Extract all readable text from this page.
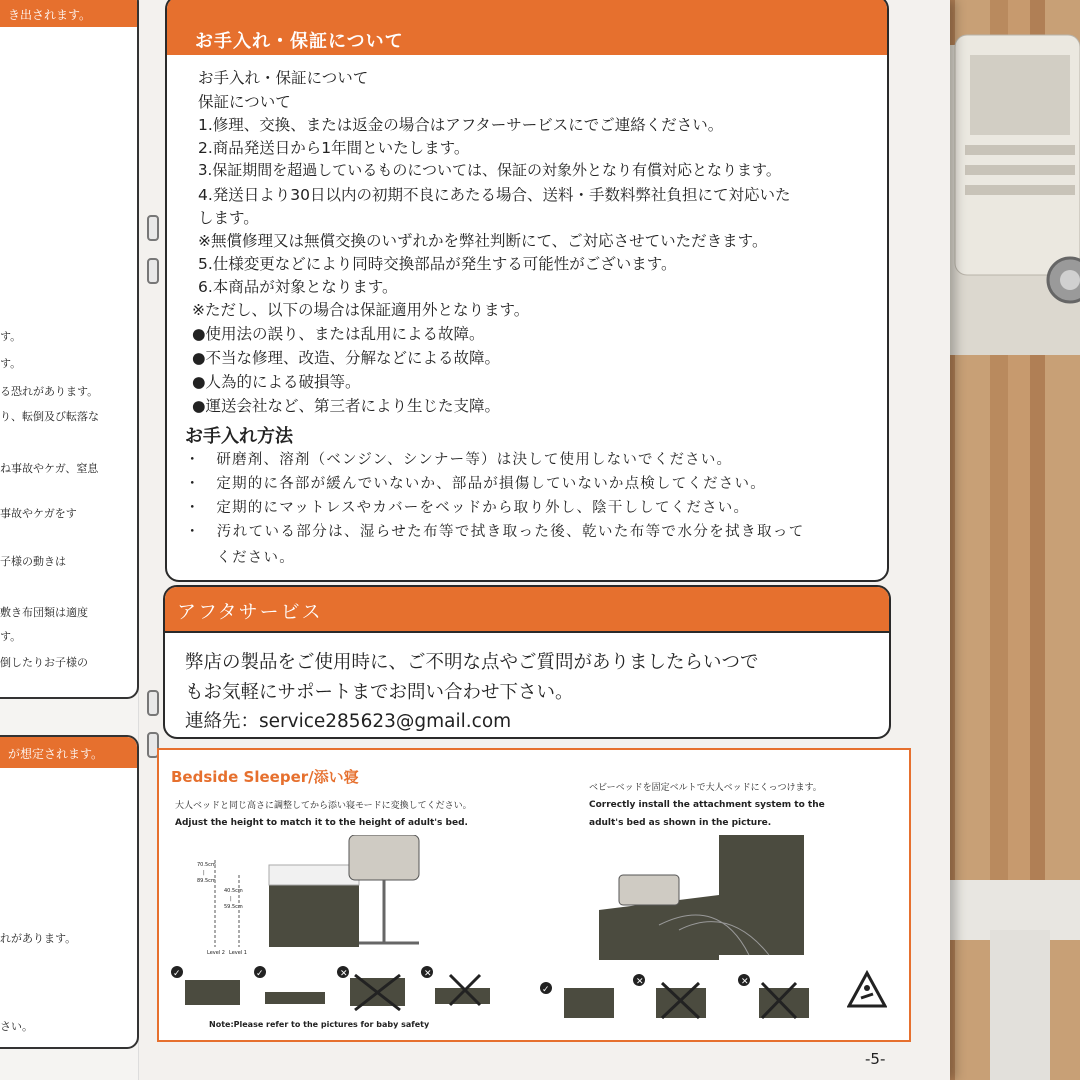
き出されます。
す。
す。
る恐れがあります。
り、転倒及び転落な
ね事故やケガ、窒息
事故やケガをす
子様の動きは
敷き布団類は適度
す。
倒したりお子様の
が想定されます。
れがあります。
さい。
お手入れ・保証について
お手入れ・保証について
保証について
1.修理、交換、または返金の場合はアフターサービスにでご連絡ください。
2.商品発送日から1年間といたします。
3.保証期間を超過しているものについては、保証の対象外となり有償対応となります。
4.発送日より30日以内の初期不良にあたる場合、送料・手数料弊社負担にて対応いた
します。
※無償修理又は無償交換のいずれかを弊社判断にて、ご対応させていただきます。
5.仕様変更などにより同時交換部品が発生する可能性がございます。
6.本商品が対象となります。
※ただし、以下の場合は保証適用外となります。
●使用法の誤り、または乱用による故障。
●不当な修理、改造、分解などによる故障。
●人為的による破損等。
●運送会社など、第三者により生じた支障。
お手入れ方法
・　研磨剤、溶剤（ベンジン、シンナー等）は決して使用しないでください。
・　定期的に各部が緩んでいないか、部品が損傷していないか点検してください。
・　定期的にマットレスやカバーをベッドから取り外し、陰干ししてください。
・　汚れている部分は、湿らせた布等で拭き取った後、乾いた布等で水分を拭き取って
　　ください。
アフタサービス
弊店の製品をご使用時に、ご不明な点やご質問がありましたらいつで
もお気軽にサポートまでお問い合わせ下さい。
連絡先：service285623@gmail.com
Bedside Sleeper/添い寝
大人ベッドと同じ高さに調整してから添い寝モードに変換してください。
Adjust the height to match it to the height of adult's bed.
ベビーベッドを固定ベルトで大人ベッドにくっつけます。
Correctly install the attachment system to the
adult's bed as shown in the picture.
70.5cm
|
89.5cm
40.5cm
|
59.5cm
Level 2 Level 1
✓	✓	✕	✕
✓
✕	✕
Note:Please refer to the pictures for baby safety
-5-
